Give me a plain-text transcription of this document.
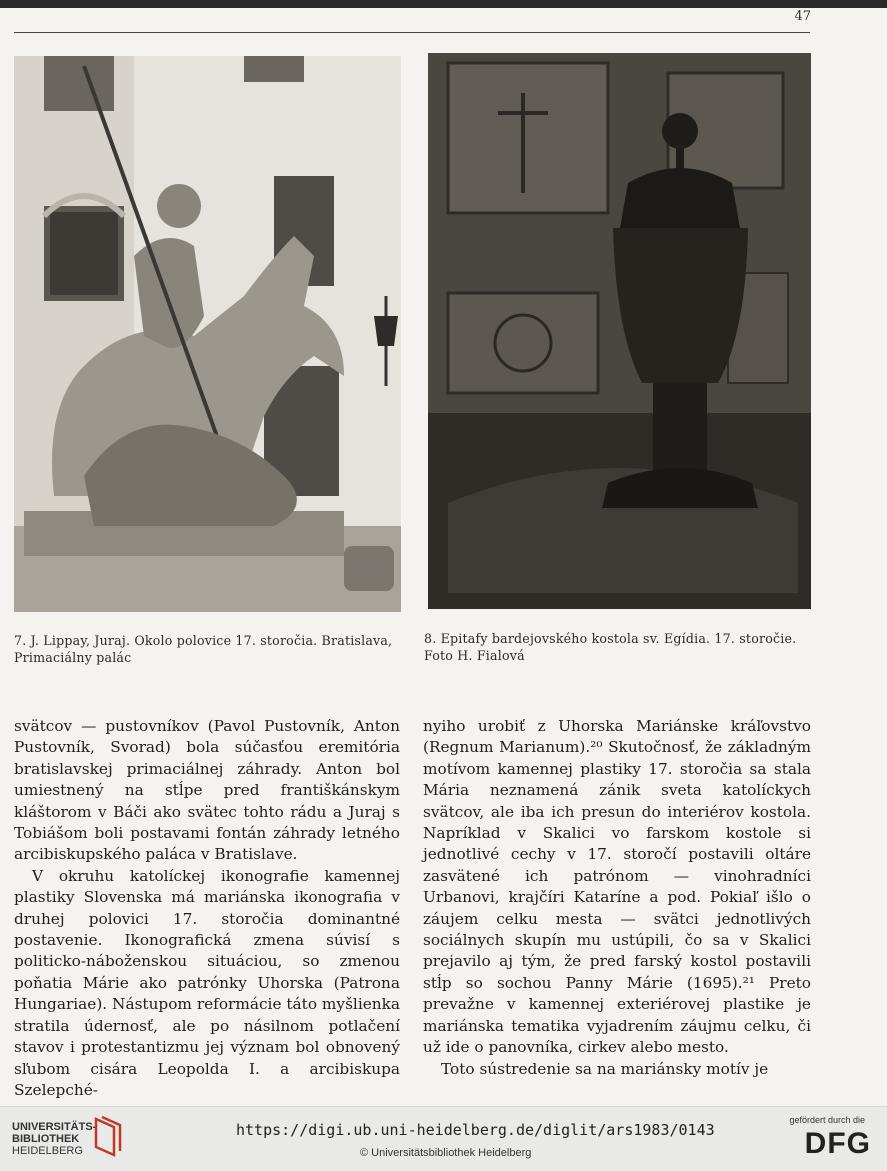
47
7. J. Lippay, Juraj. Okolo polovice 17. storočia. Bratislava, Primaciálny palác
8. Epitafy bardejovského kostola sv. Egídia. 17. storočie. Foto H. Fialová

svätcov — pustovníkov (Pavol Pustovník, Anton Pustovník, Svorad) bola súčasťou eremitória bratislavskej primaciálnej záhrady. Anton bol umiestnený na stĺpe pred františkánskym kláštorom v Báči ako svätec tohto rádu a Juraj s Tobiášom boli postavami fontán záhrady letného arcibiskupského paláca v Bratislave.

V okruhu katolíckej ikonografie kamennej plastiky Slovenska má mariánska ikonografia v druhej polovici 17. storočia dominantné postavenie. Ikonografická zmena súvisí s politicko-náboženskou situáciou, so zmenou poňatia Márie ako patrónky Uhorska (Patrona Hungariae). Nástupom reformácie táto myšlienka stratila údernosť, ale po násilnom potlačení stavov i protestantizmu jej význam bol obnovený sľubom cisára Leopolda I. a arcibiskupa Szelepché-

nyiho urobiť z Uhorska Mariánske kráľovstvo (Regnum Marianum).²⁰ Skutočnosť, že základným motívom kamennej plastiky 17. storočia sa stala Mária neznamená zánik sveta katolíckych svätcov, ale iba ich presun do interiérov kostola. Napríklad v Skalici vo farskom kostole si jednotlivé cechy v 17. storočí postavili oltáre zasvätené ich patrónom — vinohradníci Urbanovi, krajčíri Kataríne a pod. Pokiaľ išlo o záujem celku mesta — svätci jednotlivých sociálnych skupín mu ustúpili, čo sa v Skalici prejavilo aj tým, že pred farský kostol postavili stĺp so sochou Panny Márie (1695).²¹ Preto prevažne v kamennej exteriérovej plastike je mariánska tematika vyjadrením záujmu celku, či už ide o panovníka, cirkev alebo mesto.

Toto sústredenie sa na mariánsky motív je

UNIVERSITÄTS-
BIBLIOTHEK
HEIDELBERG
https://digi.ub.uni-heidelberg.de/diglit/ars1983/0143
© Universitätsbibliothek Heidelberg
gefördert durch die
DFG
